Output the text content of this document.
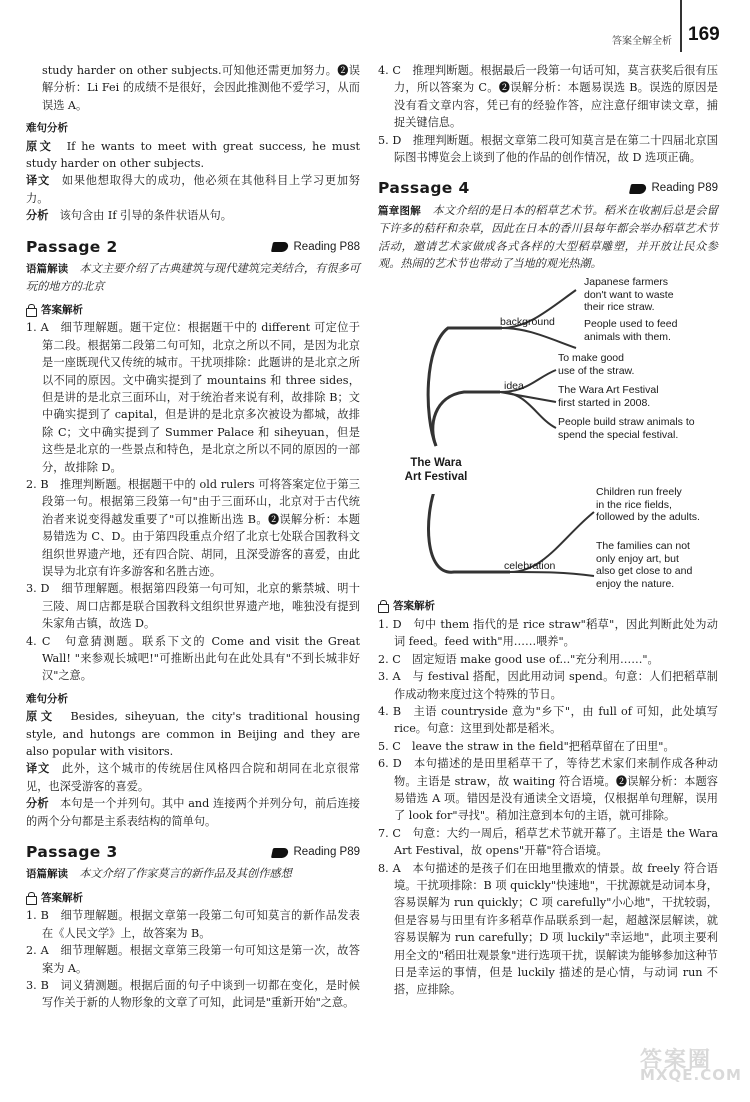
答案全解全析 169

study harder on other subjects.可知他还需更加努力。❷误解分析：Li Fei 的成绩不是很好，会因此推测他不爱学习，从而误选 A。

难句分析

原文　 If he wants to meet with great success, he must study harder on other subjects.

译文　 如果他想取得大的成功，他必须在其他科目上学习更加努力。

分析　 该句含由 If 引导的条件状语从句。

Passage 2	Reading P88

语篇解读　 本文主要介绍了古典建筑与现代建筑完美结合，有很多可玩的地方的北京

答案解析

1. A　细节理解题。题干定位：根据题干中的 different 可定位于第二段。根据第二段第二句可知，北京之所以不同，是因为北京是一座既现代又传统的城市。干扰项排除：此题讲的是北京之所以不同的原因。文中确实提到了 mountains 和 three sides，但是讲的是北京三面环山，对于统治者来说有利，故排除 B；文中确实提到了 capital，但是讲的是北京多次被设为都城，故排除 C；文中确实提到了 Summer Palace 和 siheyuan，但是这些是北京的一些景点和特色，是北京之所以不同的原因的一部分，故排除 D。

2. B　推理判断题。根据题干中的 old rulers 可将答案定位于第三段第一句。根据第三段第一句"由于三面环山，北京对于古代统治者来说变得越发重要了"可以推断出选 B。❷误解分析：本题易错选为 C、D。由于第四段重点介绍了北京七处联合国教科文组织世界遗产地，还有四合院、胡同，且深受游客的喜爱，由此误导为北京有许多游客和名胜古迹。

3. D　细节理解题。根据第四段第一句可知，北京的紫禁城、明十三陵、周口店都是联合国教科文组织世界遗产地，唯独没有提到朱家角古镇，故选 D。

4. C　句意猜测题。联系下文的 Come and visit the Great Wall! "来参观长城吧!"可推断出此句在此处具有"不到长城非好汉"之意。

难句分析

原文　 Besides, siheyuan, the city's traditional housing style, and hutongs are common in Beijing and they are also popular with visitors.

译文　 此外，这个城市的传统居住风格四合院和胡同在北京很常见，也深受游客的喜爱。

分析　 本句是一个并列句。其中 and 连接两个并列分句，前后连接的两个分句都是主系表结构的简单句。

Passage 3	Reading P89

语篇解读　 本文介绍了作家莫言的新作品及其创作感想

答案解析

1. B　细节理解题。根据文章第一段第二句可知莫言的新作品发表在《人民文学》上，故答案为 B。

2. A　细节理解题。根据文章第三段第一句可知这是第一次，故答案为 A。

3. B　词义猜测题。根据后面的句子中谈到一切都在变化，是时候写作关于新的人物形象的文章了可知，此词是"重新开始"之意。

4. C　推理判断题。根据最后一段第一句话可知，莫言获奖后很有压力，所以答案为 C。❷误解分析：本题易误选 B。误选的原因是没有看文章内容，凭已有的经验作答，应注意仔细审读文章，捕捉关键信息。

5. D　推理判断题。根据文章第二段可知莫言是在第二十四届北京国际图书博览会上谈到了他的作品的创作情况，故 D 选项正确。

Passage 4	Reading P89

篇章图解　 本文介绍的是日本的稻草艺术节。稻米在收割后总是会留下许多的秸秆和杂草，因此在日本的香川县每年都会举办稻草艺术节活动，邀请艺术家做成各式各样的大型稻草雕塑，并开放让民众参观。热闹的艺术节也带动了当地的观光热潮。

The Wara
Art Festival
background
Japanese farmers
don't want to waste
their rice straw.
People used to feed
animals with them.
idea
To make good
use of the straw.
The Wara Art Festival
first started in 2008.
People build straw animals to
spend the special festival.
celebration
Children run freely
in the rice fields,
followed by the adults.
The families can not
only enjoy art, but
also get close to and
enjoy the nature.
答案解析

1. D　句中 them 指代的是 rice straw"稻草"，因此判断此处为动词 feed。feed with"用……喂养"。

2. C　固定短语 make good use of..."充分利用……"。

3. A　与 festival 搭配，因此用动词 spend。句意：人们把稻草制作成动物来度过这个特殊的节日。

4. B　主语 countryside 意为"乡下"，由 full of 可知，此处填写 rice。句意：这里到处都是稻米。

5. C　leave the straw in the field"把稻草留在了田里"。

6. D　本句描述的是田里稻草干了，等待艺术家们来制作成各种动物。主语是 straw，故 waiting 符合语境。❷误解分析：本题容易错选 A 项。错因是没有通读全文语境，仅根据单句理解，误用了 look for"寻找"。稍加注意到本句的主语，就可排除。

7. C　句意：大约一周后，稻草艺术节就开幕了。主语是 the Wara Art Festival，故 opens"开幕"符合语境。

8. A　本句描述的是孩子们在田地里撒欢的情景。故 freely 符合语境。干扰项排除：B 项 quickly"快速地"，干扰源就是动词本身，容易误解为 run quickly；C 项 carefully"小心地"，干扰较弱，但是容易与田里有许多稻草作品联系到一起，超越深层解读，就容易误解为 run carefully；D 项 luckily"幸运地"，此项主要利用全文的"稻田壮观景象"进行选项干扰，误解读为能够参加这种节日是幸运的事情，但是 luckily 描述的是心情，与动词 run 不搭，应排除。

答案圈
MXQE.COM
